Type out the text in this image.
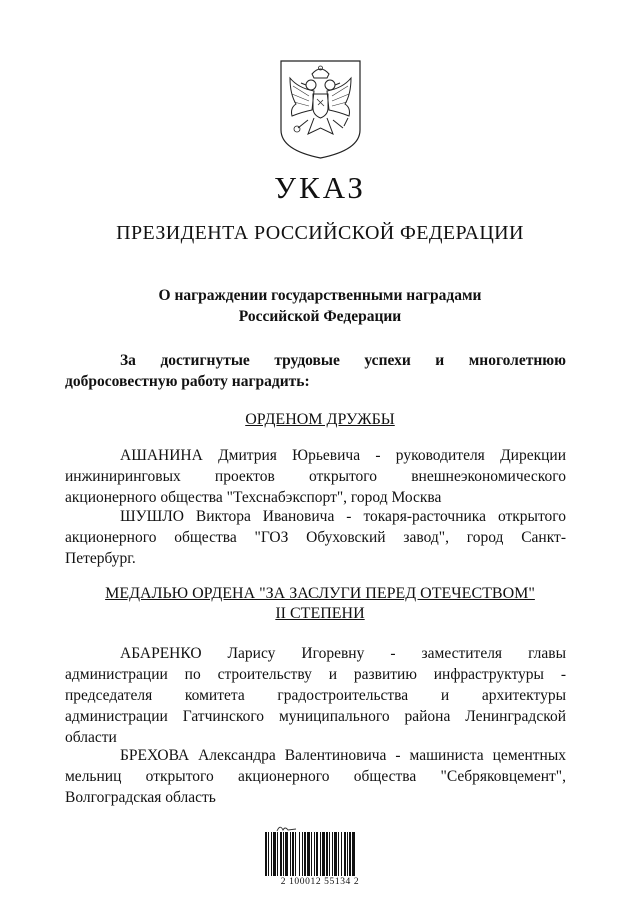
УКАЗ
ПРЕЗИДЕНТА РОССИЙСКОЙ ФЕДЕРАЦИИ
О награждении государственными наградами
Российской Федерации
За достигнутые трудовые успехи и многолетнюю
добросовестную работу наградить:
ОРДЕНОМ ДРУЖБЫ
АШАНИНА Дмитрия Юрьевича - руководителя Дирекции
инжиниринговых проектов открытого внешнеэкономического
акционерного общества "Техснабэкспорт", город Москва
ШУШЛО Виктора Ивановича - токаря-расточника открытого
акционерного общества "ГОЗ Обуховский завод", город Санкт-
Петербург.
МЕДАЛЬЮ ОРДЕНА "ЗА ЗАСЛУГИ ПЕРЕД ОТЕЧЕСТВОМ"
II СТЕПЕНИ
АБАРЕНКО Ларису Игоревну - заместителя главы
администрации по строительству и развитию инфраструктуры -
председателя комитета градостроительства и архитектуры
администрации Гатчинского муниципального района Ленинградской
области
БРЕХОВА Александра Валентиновича - машиниста цементных
мельниц открытого акционерного общества "Себряковцемент",
Волгоградская область
2 100012 55134 2
